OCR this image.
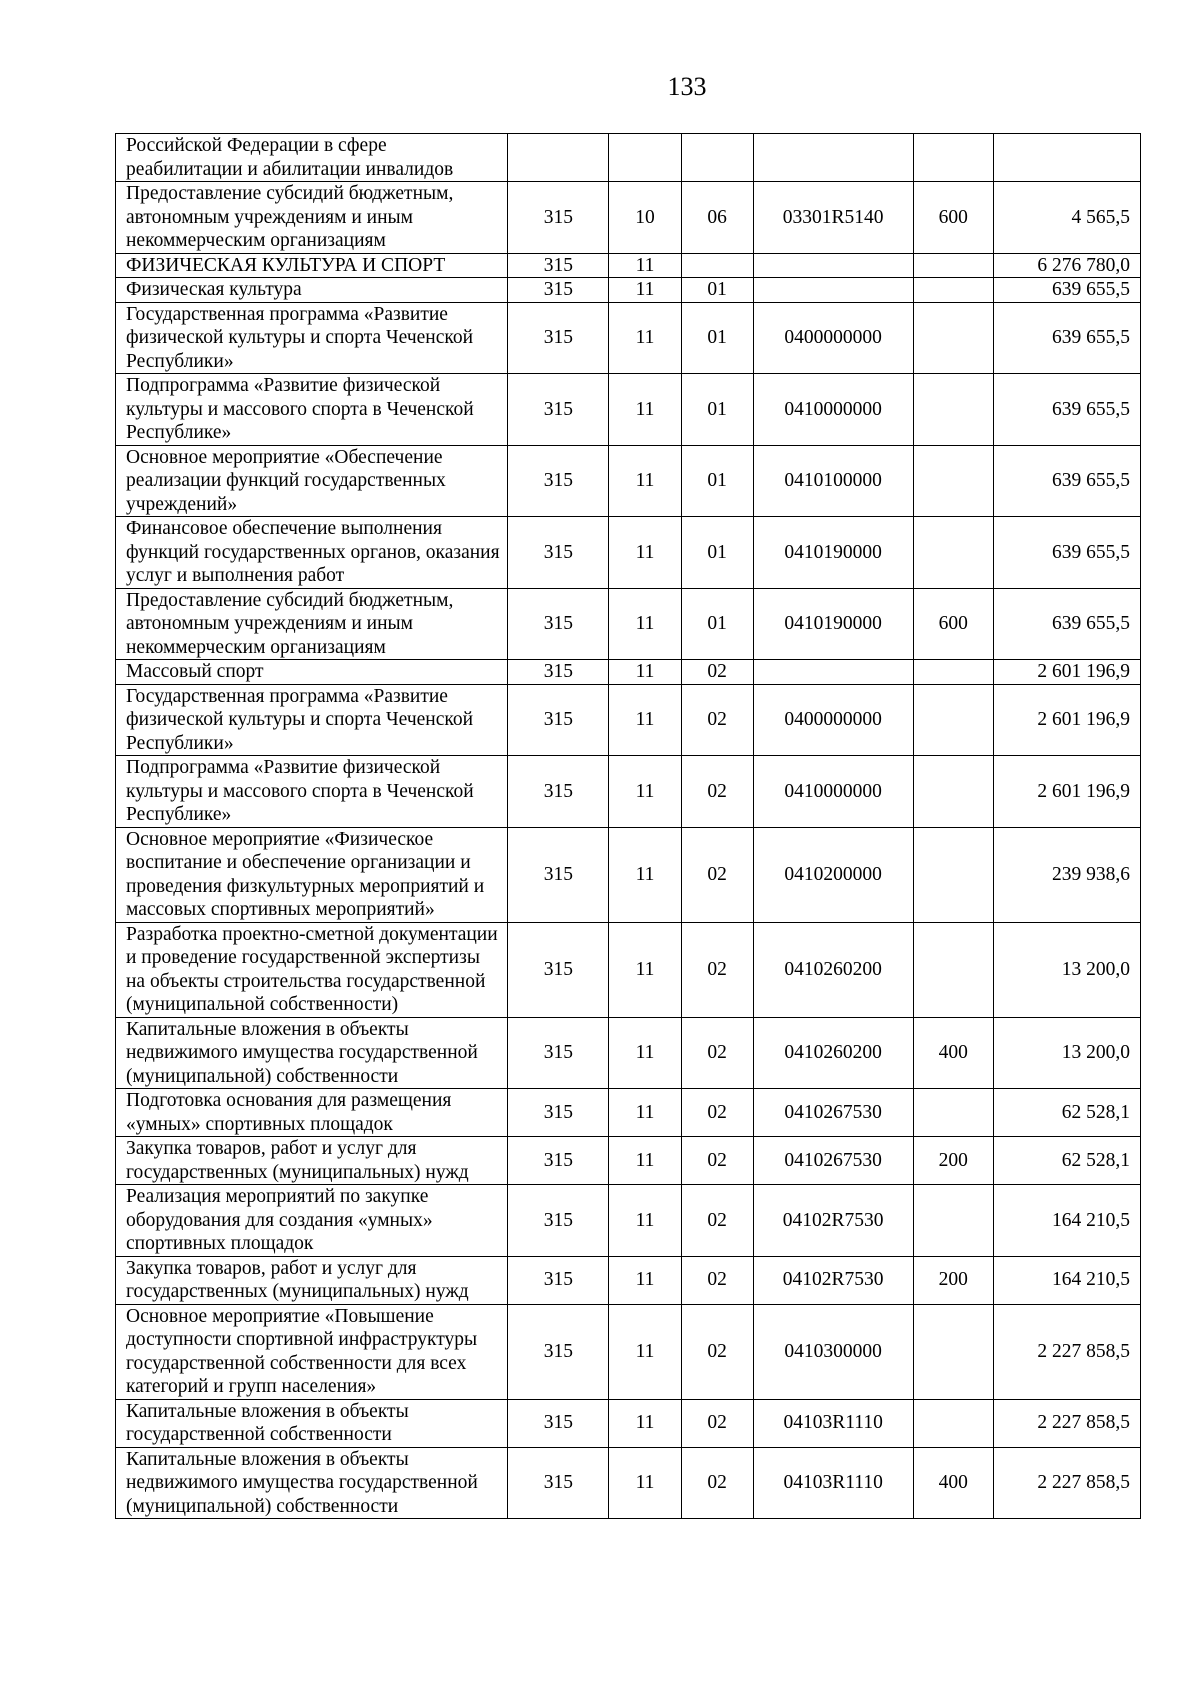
133
Российской Федерации в сфере реабилитации и абилитации инвалидов						
Предоставление субсидий бюджетным, автономным учреждениям и иным некоммерческим организациям	315	10	06	03301R5140	600	4 565,5
ФИЗИЧЕСКАЯ КУЛЬТУРА И СПОРТ	315	11				6 276 780,0
Физическая культура	315	11	01			639 655,5
Государственная программа «Развитие физической культуры и спорта Чеченской Республики»	315	11	01	0400000000		639 655,5
Подпрограмма «Развитие физической культуры и массового спорта в Чеченской Республике»	315	11	01	0410000000		639 655,5
Основное мероприятие «Обеспечение реализации функций государственных учреждений»	315	11	01	0410100000		639 655,5
Финансовое обеспечение выполнения функций государственных органов, оказания услуг и выполнения работ	315	11	01	0410190000		639 655,5
Предоставление субсидий бюджетным, автономным учреждениям и иным некоммерческим организациям	315	11	01	0410190000	600	639 655,5
Массовый спорт	315	11	02			2 601 196,9
Государственная программа «Развитие физической культуры и спорта Чеченской Республики»	315	11	02	0400000000		2 601 196,9
Подпрограмма «Развитие физической культуры и массового спорта в Чеченской Республике»	315	11	02	0410000000		2 601 196,9
Основное мероприятие «Физическое воспитание и обеспечение организации и проведения физкультурных мероприятий и массовых спортивных мероприятий»	315	11	02	0410200000		239 938,6
Разработка проектно-сметной документации и проведение государственной экспертизы на объекты строительства государственной (муниципальной собственности)	315	11	02	0410260200		13 200,0
Капитальные вложения в объекты недвижимого имущества государственной (муниципальной) собственности	315	11	02	0410260200	400	13 200,0
Подготовка основания для размещения «умных» спортивных площадок	315	11	02	0410267530		62 528,1
Закупка товаров, работ и услуг для государственных (муниципальных) нужд	315	11	02	0410267530	200	62 528,1
Реализация мероприятий по закупке оборудования для создания «умных» спортивных площадок	315	11	02	04102R7530		164 210,5
Закупка товаров, работ и услуг для государственных (муниципальных) нужд	315	11	02	04102R7530	200	164 210,5
Основное мероприятие «Повышение доступности спортивной инфраструктуры государственной собственности для всех категорий и групп населения»	315	11	02	0410300000		2 227 858,5
Капитальные вложения в объекты государственной собственности	315	11	02	04103R1110		2 227 858,5
Капитальные вложения в объекты недвижимого имущества государственной (муниципальной) собственности	315	11	02	04103R1110	400	2 227 858,5
